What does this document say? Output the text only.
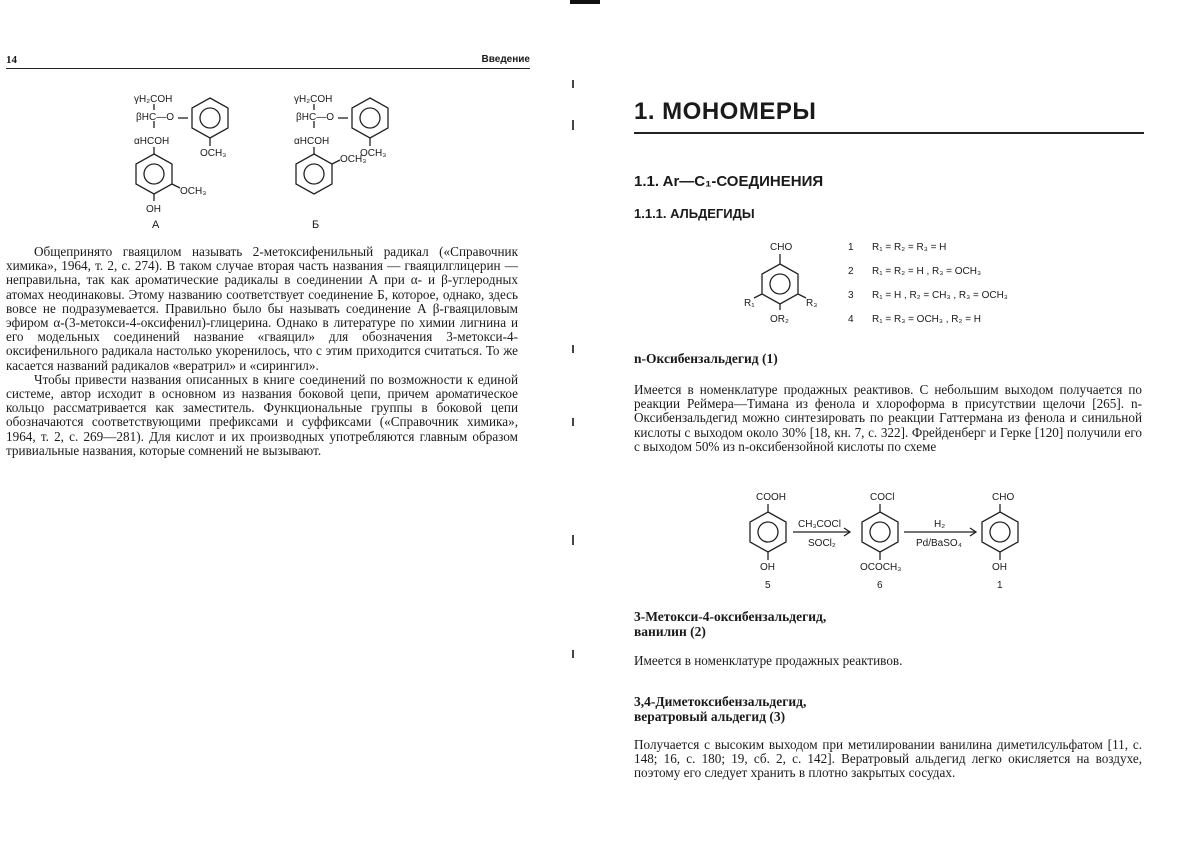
14	Введение
γH₂COH
βHC—O
αHCOH
OCH₃
OCH₃
OH
γH₂COH
βHC—O
αHCOH
OCH₃
OCH₃
А	Б

Общепринято гваяцилом называть 2-метоксифенильный радикал («Справочник химика», 1964, т. 2, с. 274). В таком случае вторая часть названия — гваяцилглицерин — неправильна, так как ароматические радикалы в соединении А при α- и β-углеродных атомах неодинаковы. Этому названию соответствует соединение Б, которое, однако, здесь вовсе не подразумевается. Правильно было бы называть соединение А β-гваяциловым эфиром α-(3-метокси-4-оксифенил)-глицерина. Однако в литературе по химии лигнина и его модельных соединений название «гваяцил» для обозначения 3-метокси-4-оксифенильного радикала настолько укоренилось, что с этим приходится считаться. То же касается названий радикалов «вератрил» и «сирингил».

Чтобы привести названия описанных в книге соединений по возможности к единой системе, автор исходит в основном из названия боковой цепи, причем ароматическое кольцо рассматривается как заместитель. Функциональные группы в боковой цепи обозначаются соответствующими префиксами и суффиксами («Справочник химика», 1964, т. 2, с. 269—281). Для кислот и их производных употребляются главным образом тривиальные названия, которые сомнений не вызывают.

1. МОНОМЕРЫ
1.1. Ar—C₁-СОЕДИНЕНИЯ
1.1.1. АЛЬДЕГИДЫ
CHO
R₁	R₃
OR₂
1 R₁ = R₂ = R₃ = H
2 R₁ = R₂ = H , R₃ = OCH₃
3 R₁ = H , R₂ = CH₃ , R₃ = OCH₃
4 R₁ = R₃ = OCH₃ , R₂ = H
n-Оксибензальдегид (1)
Имеется в номенклатуре продажных реактивов. С небольшим выходом получается по реакции Реймера—Тимана из фенола и хлороформа в присутствии щелочи [265]. n-Оксибензальдегид можно синтезировать по реакции Гаттермана из фенола и синильной кислоты с выходом около 30% [18, кн. 7, с. 322]. Фрейденберг и Герке [120] получили его с выходом 50% из n-оксибензойной кислоты по схеме
COOH	COCl	CHO
OH	OCOCH₃	OH
CH₃COCl
SOCl₂
H₂
Pd/BaSO₄
5	6	1
3-Метокси-4-оксибензальдегид,
ванилин (2)
Имеется в номенклатуре продажных реактивов.
3,4-Диметоксибензальдегид,
вератровый альдегид (3)
Получается с высоким выходом при метилировании ванилина диметилсульфатом [11, с. 148; 16, с. 180; 19, сб. 2, с. 142]. Вератровый альдегид легко окисляется на воздухе, поэтому его следует хранить в плотно закрытых сосудах.
